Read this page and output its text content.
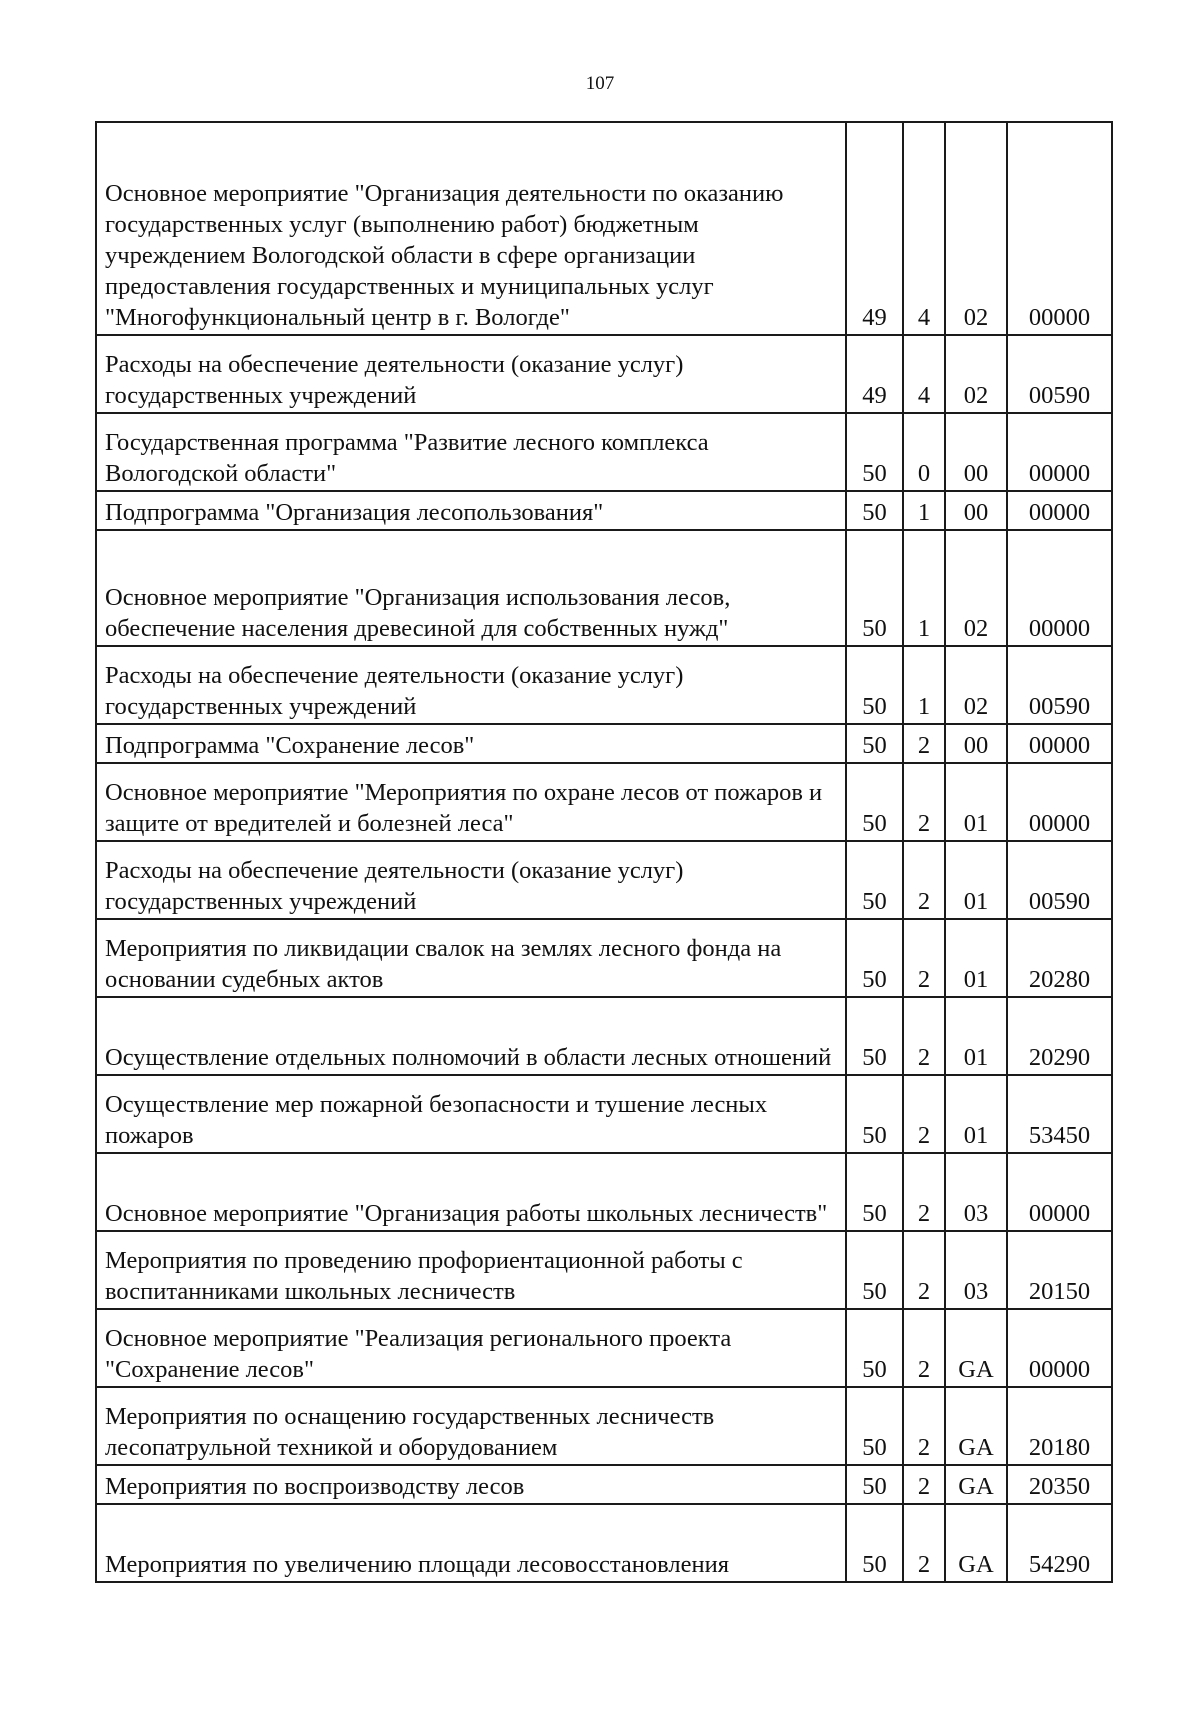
107
Основное мероприятие "Организация деятельности по оказанию государственных услуг (выполнению работ) бюджетным учреждением Вологодской области в сфере организации предоставления государственных и муниципальных услуг "Многофункциональный центр в г. Вологде"	49	4	02	00000
Расходы на обеспечение деятельности (оказание услуг) государственных учреждений	49	4	02	00590
Государственная программа "Развитие лесного комплекса Вологодской области"	50	0	00	00000
Подпрограмма "Организация лесопользования"	50	1	00	00000
Основное мероприятие "Организация использования лесов, обеспечение населения древесиной для собственных нужд"	50	1	02	00000
Расходы на обеспечение деятельности (оказание услуг) государственных учреждений	50	1	02	00590
Подпрограмма "Сохранение лесов"	50	2	00	00000
Основное мероприятие "Мероприятия по охране лесов от пожаров и защите от вредителей и болезней леса"	50	2	01	00000
Расходы на обеспечение деятельности (оказание услуг) государственных учреждений	50	2	01	00590
Мероприятия по ликвидации свалок на землях лесного фонда на основании судебных актов	50	2	01	20280
Осуществление отдельных полномочий в области лесных отношений	50	2	01	20290
Осуществление мер пожарной безопасности и тушение лесных пожаров	50	2	01	53450
Основное мероприятие "Организация работы школьных лесничеств"	50	2	03	00000
Мероприятия по проведению профориентационной работы с воспитанниками школьных лесничеств	50	2	03	20150
Основное мероприятие "Реализация регионального проекта "Сохранение лесов"	50	2	GA	00000
Мероприятия по оснащению государственных лесничеств лесопатрульной техникой и оборудованием	50	2	GA	20180
Мероприятия по воспроизводству лесов	50	2	GA	20350
Мероприятия по увеличению площади лесовосстановления	50	2	GA	54290
